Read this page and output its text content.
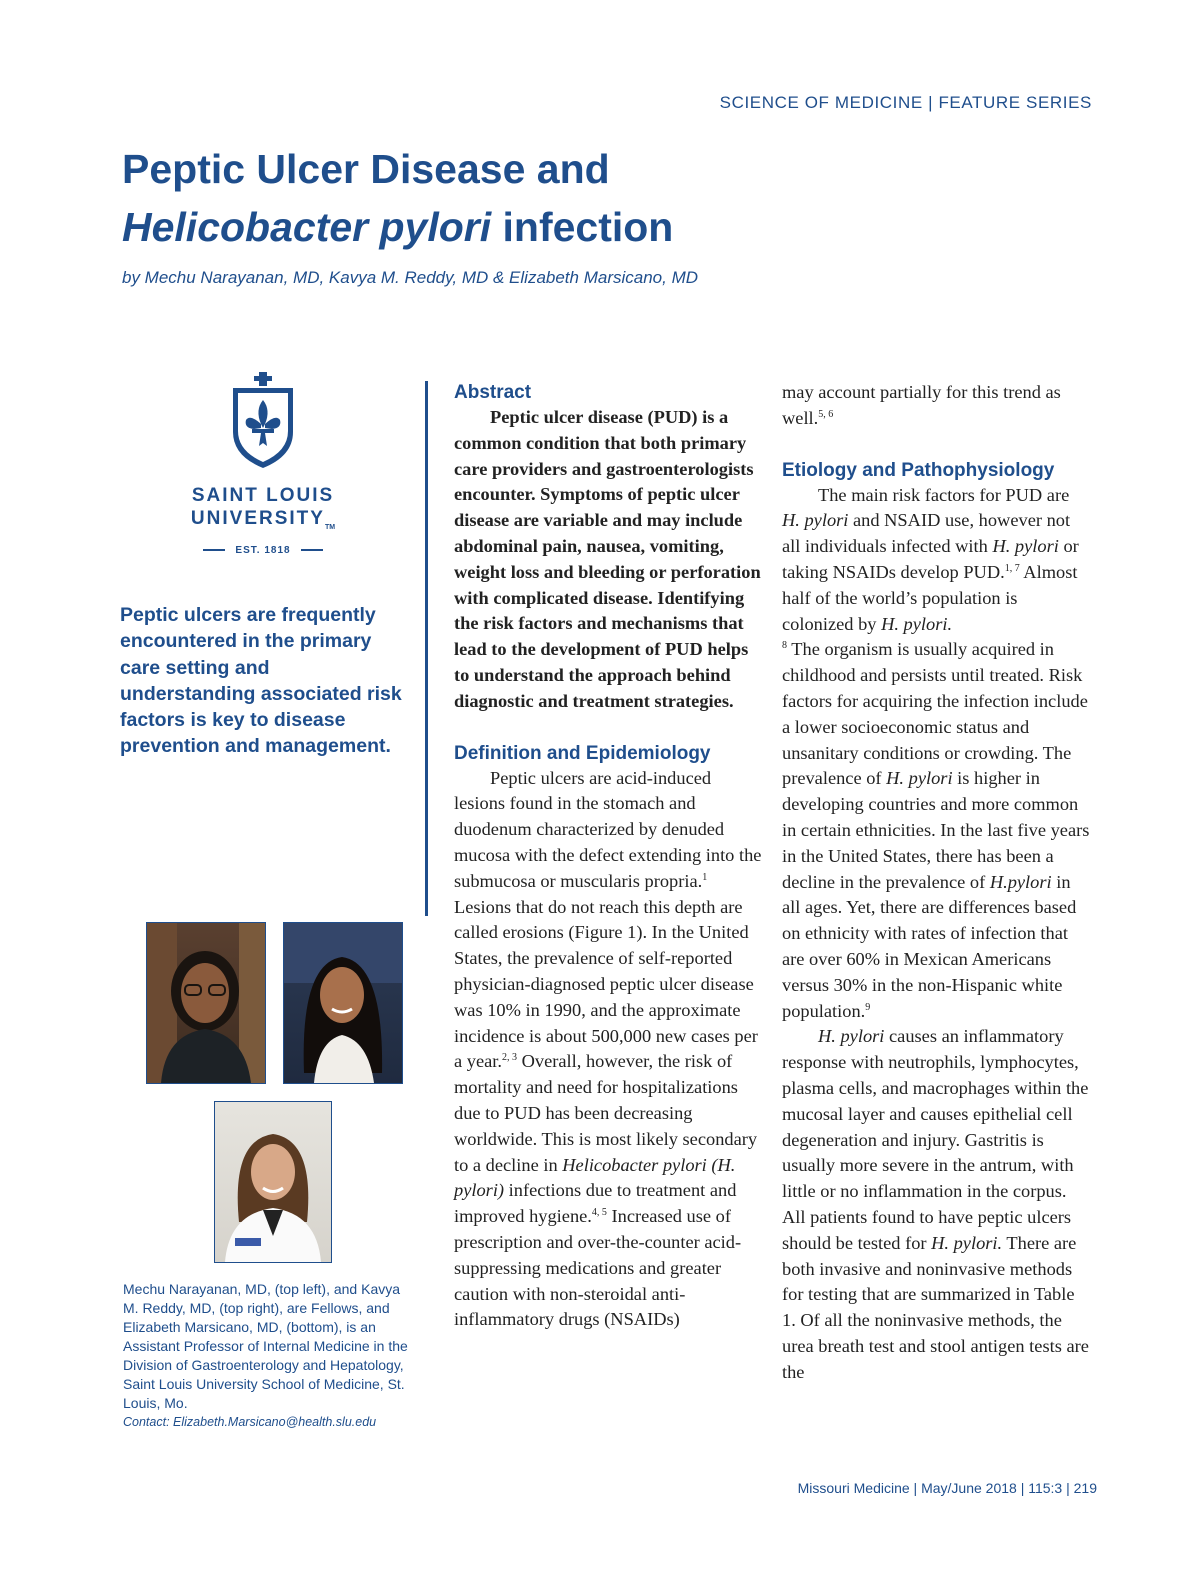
SCIENCE OF MEDICINE | FEATURE SERIES
Peptic Ulcer Disease and
Helicobacter pylori infection
by Mechu Narayanan, MD, Kavya M. Reddy, MD & Elizabeth Marsicano, MD
SAINT LOUIS
$UNIVERSITY_{TM}$
EST. 1818
Peptic ulcers are frequently encountered in the primary care setting and understanding associated risk factors is key to disease prevention and management.
Mechu Narayanan, MD, (top left), and Kavya M. Reddy, MD, (top right), are Fellows, and Elizabeth Marsicano, MD, (bottom), is an Assistant Professor of Internal Medicine in the Division of Gastroenterology and Hepatology, Saint Louis University School of Medicine, St. Louis, Mo.
Contact: Elizabeth.Marsicano@health.slu.edu
Abstract

Peptic ulcer disease (PUD) is a common condition that both primary care providers and gastroenterologists encounter. Symptoms of peptic ulcer disease are variable and may include abdominal pain, nausea, vomiting, weight loss and bleeding or perforation with complicated disease. Identifying the risk factors and mechanisms that lead to the development of PUD helps to understand the approach behind diagnostic and treatment strategies.

Definition and Epidemiology

Peptic ulcers are acid-induced lesions found in the stomach and duodenum characterized by denuded mucosa with the defect extending into the submucosa or muscularis propria.$^1$ Lesions that do not reach this depth are called erosions (Figure 1). In the United States, the prevalence of self-reported physician-diagnosed peptic ulcer disease was 10% in 1990, and the approximate incidence is about 500,000 new cases per a year.$^{2, 3}$ Overall, however, the risk of mortality and need for hospitalizations due to PUD has been decreasing worldwide. This is most likely secondary to a decline in Helicobacter pylori (H. pylori) infections due to treatment and improved hygiene.$^{4, 5}$ Increased use of prescription and over-the-counter acid-suppressing medications and greater caution with non-steroidal anti-inflammatory drugs (NSAIDs)

may account partially for this trend as well.$^{5, 6}$

Etiology and Pathophysiology

The main risk factors for PUD are H. pylori and NSAID use, however not all individuals infected with H. pylori or taking NSAIDs develop PUD.$^{1, 7}$ Almost half of the world’s population is colonized by H. pylori.
$^8$ The organism is usually acquired in childhood and persists until treated. Risk factors for acquiring the infection include a lower socioeconomic status and unsanitary conditions or crowding. The prevalence of H. pylori is higher in developing countries and more common in certain ethnicities. In the last five years in the United States, there has been a decline in the prevalence of H.pylori in all ages. Yet, there are differences based on ethnicity with rates of infection that are over 60% in Mexican Americans versus 30% in the non-Hispanic white population.$^9$

H. pylori causes an inflammatory response with neutrophils, lymphocytes, plasma cells, and macrophages within the mucosal layer and causes epithelial cell degeneration and injury. Gastritis is usually more severe in the antrum, with little or no inflammation in the corpus. All patients found to have peptic ulcers should be tested for H. pylori. There are both invasive and noninvasive methods for testing that are summarized in Table 1. Of all the noninvasive methods, the urea breath test and stool antigen tests are the

Missouri Medicine | May/June 2018 | 115:3 | 219
